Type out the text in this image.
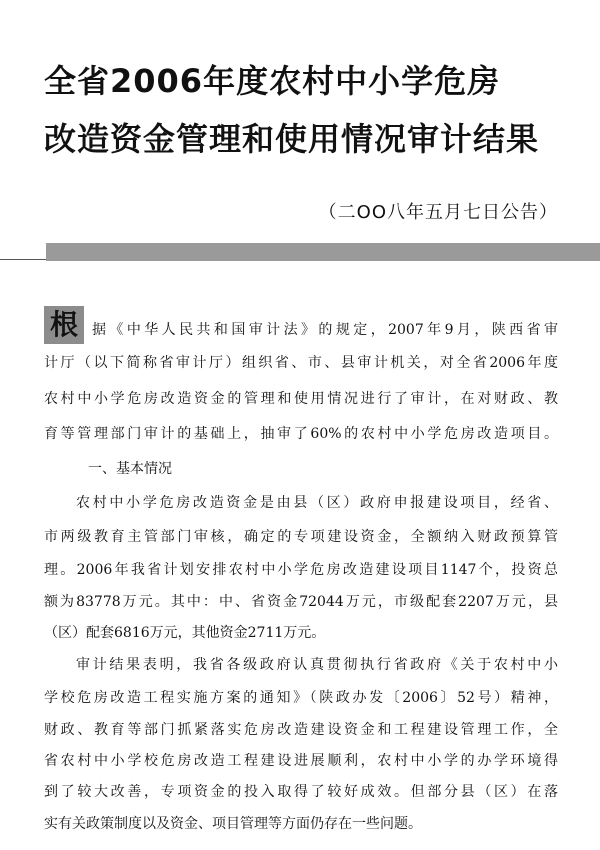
全省2006年度农村中小学危房
改造资金管理和使用情况审计结果
（二OO八年五月七日公告）
根	据《中华人民共和国审计法》的规定，2007年9月，陕西省审
计厅（以下简称省审计厅）组织省、市、县审计机关，对全省2006年度
农村中小学危房改造资金的管理和使用情况进行了审计，在对财政、教
育等管理部门审计的基础上，抽审了60%的农村中小学危房改造项目。
一、基本情况
农村中小学危房改造资金是由县（区）政府申报建设项目，经省、
市两级教育主管部门审核，确定的专项建设资金，全额纳入财政预算管
理。2006年我省计划安排农村中小学危房改造建设项目1147个，投资总
额为83778万元。其中：中、省资金72044万元，市级配套2207万元，县
（区）配套6816万元，其他资金2711万元。
审计结果表明，我省各级政府认真贯彻执行省政府《关于农村中小
学校危房改造工程实施方案的通知》（陕政办发〔2006〕52号）精神，
财政、教育等部门抓紧落实危房改造建设资金和工程建设管理工作，全
省农村中小学校危房改造工程建设进展顺利，农村中小学的办学环境得
到了较大改善，专项资金的投入取得了较好成效。但部分县（区）在落
实有关政策制度以及资金、项目管理等方面仍存在一些问题。
